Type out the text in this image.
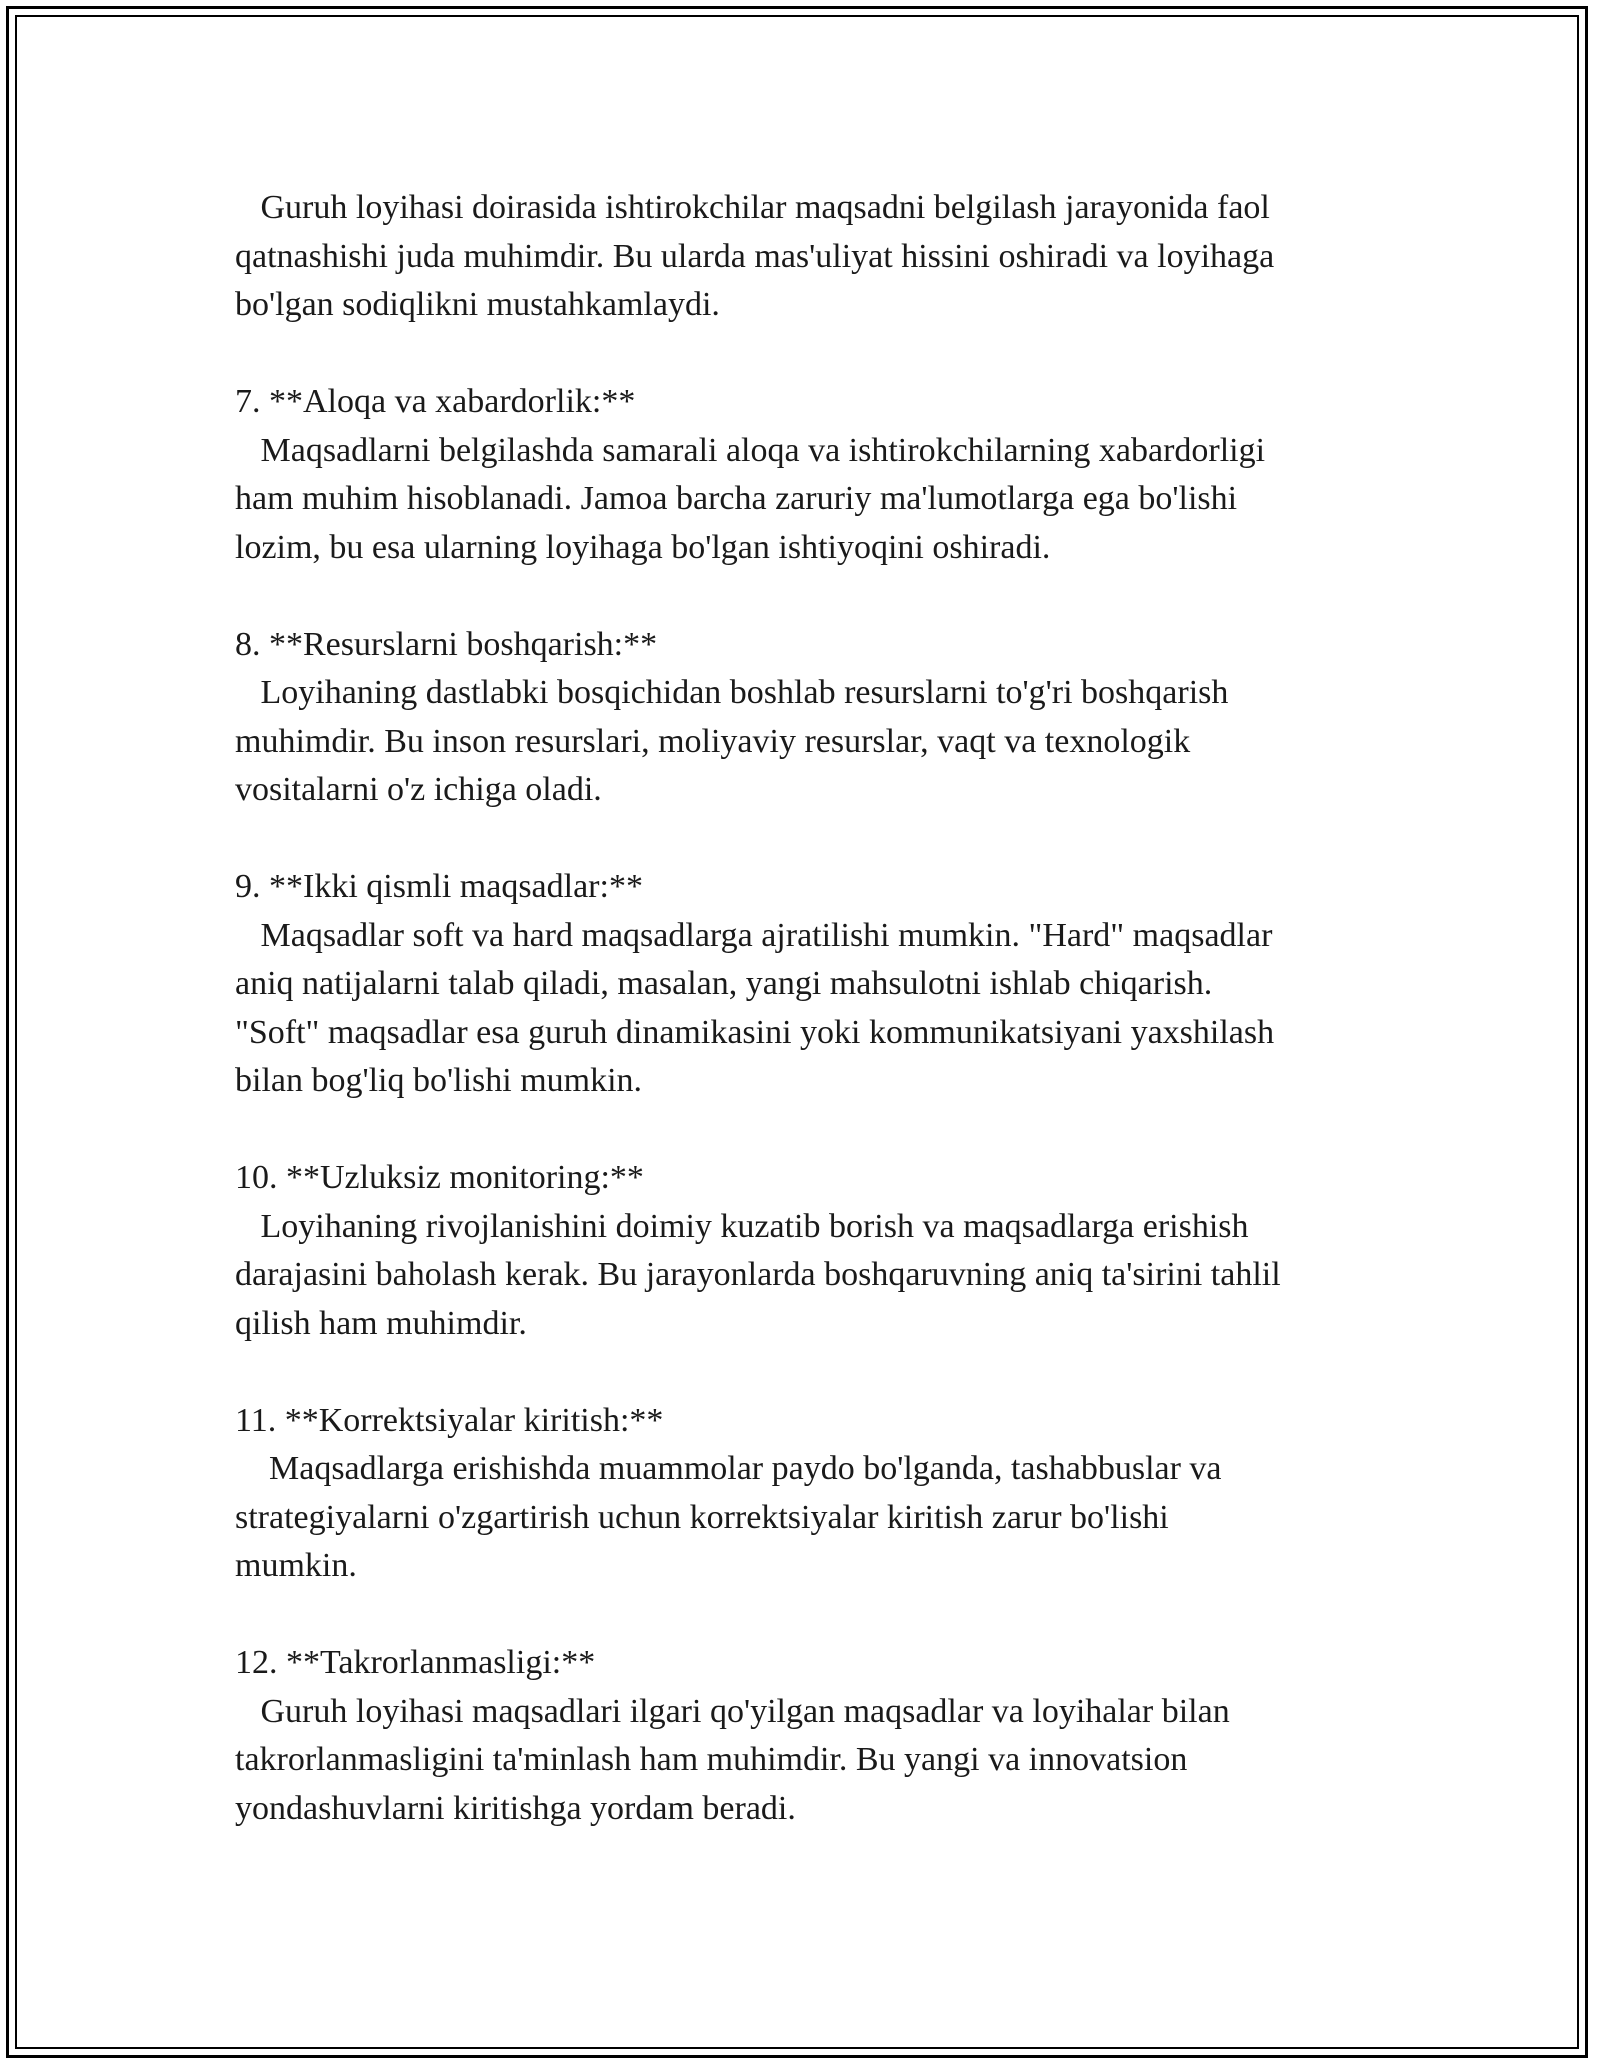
Guruh loyihasi doirasida ishtirokchilar maqsadni belgilash jarayonida faol
qatnashishi juda muhimdir. Bu ularda mas'uliyat hissini oshiradi va loyihaga
bo'lgan sodiqlikni mustahkamlaydi.
7. **Aloqa va xabardorlik:**
Maqsadlarni belgilashda samarali aloqa va ishtirokchilarning xabardorligi
ham muhim hisoblanadi. Jamoa barcha zaruriy ma'lumotlarga ega bo'lishi
lozim, bu esa ularning loyihaga bo'lgan ishtiyoqini oshiradi.
8. **Resurslarni boshqarish:**
Loyihaning dastlabki bosqichidan boshlab resurslarni to'g'ri boshqarish
muhimdir. Bu inson resurslari, moliyaviy resurslar, vaqt va texnologik
vositalarni o'z ichiga oladi.
9. **Ikki qismli maqsadlar:**
Maqsadlar soft va hard maqsadlarga ajratilishi mumkin. "Hard" maqsadlar
aniq natijalarni talab qiladi, masalan, yangi mahsulotni ishlab chiqarish.
"Soft" maqsadlar esa guruh dinamikasini yoki kommunikatsiyani yaxshilash
bilan bog'liq bo'lishi mumkin.
10. **Uzluksiz monitoring:**
Loyihaning rivojlanishini doimiy kuzatib borish va maqsadlarga erishish
darajasini baholash kerak. Bu jarayonlarda boshqaruvning aniq ta'sirini tahlil
qilish ham muhimdir.
11. **Korrektsiyalar kiritish:**
Maqsadlarga erishishda muammolar paydo bo'lganda, tashabbuslar va
strategiyalarni o'zgartirish uchun korrektsiyalar kiritish zarur bo'lishi
mumkin.
12. **Takrorlanmasligi:**
Guruh loyihasi maqsadlari ilgari qo'yilgan maqsadlar va loyihalar bilan
takrorlanmasligini ta'minlash ham muhimdir. Bu yangi va innovatsion
yondashuvlarni kiritishga yordam beradi.
